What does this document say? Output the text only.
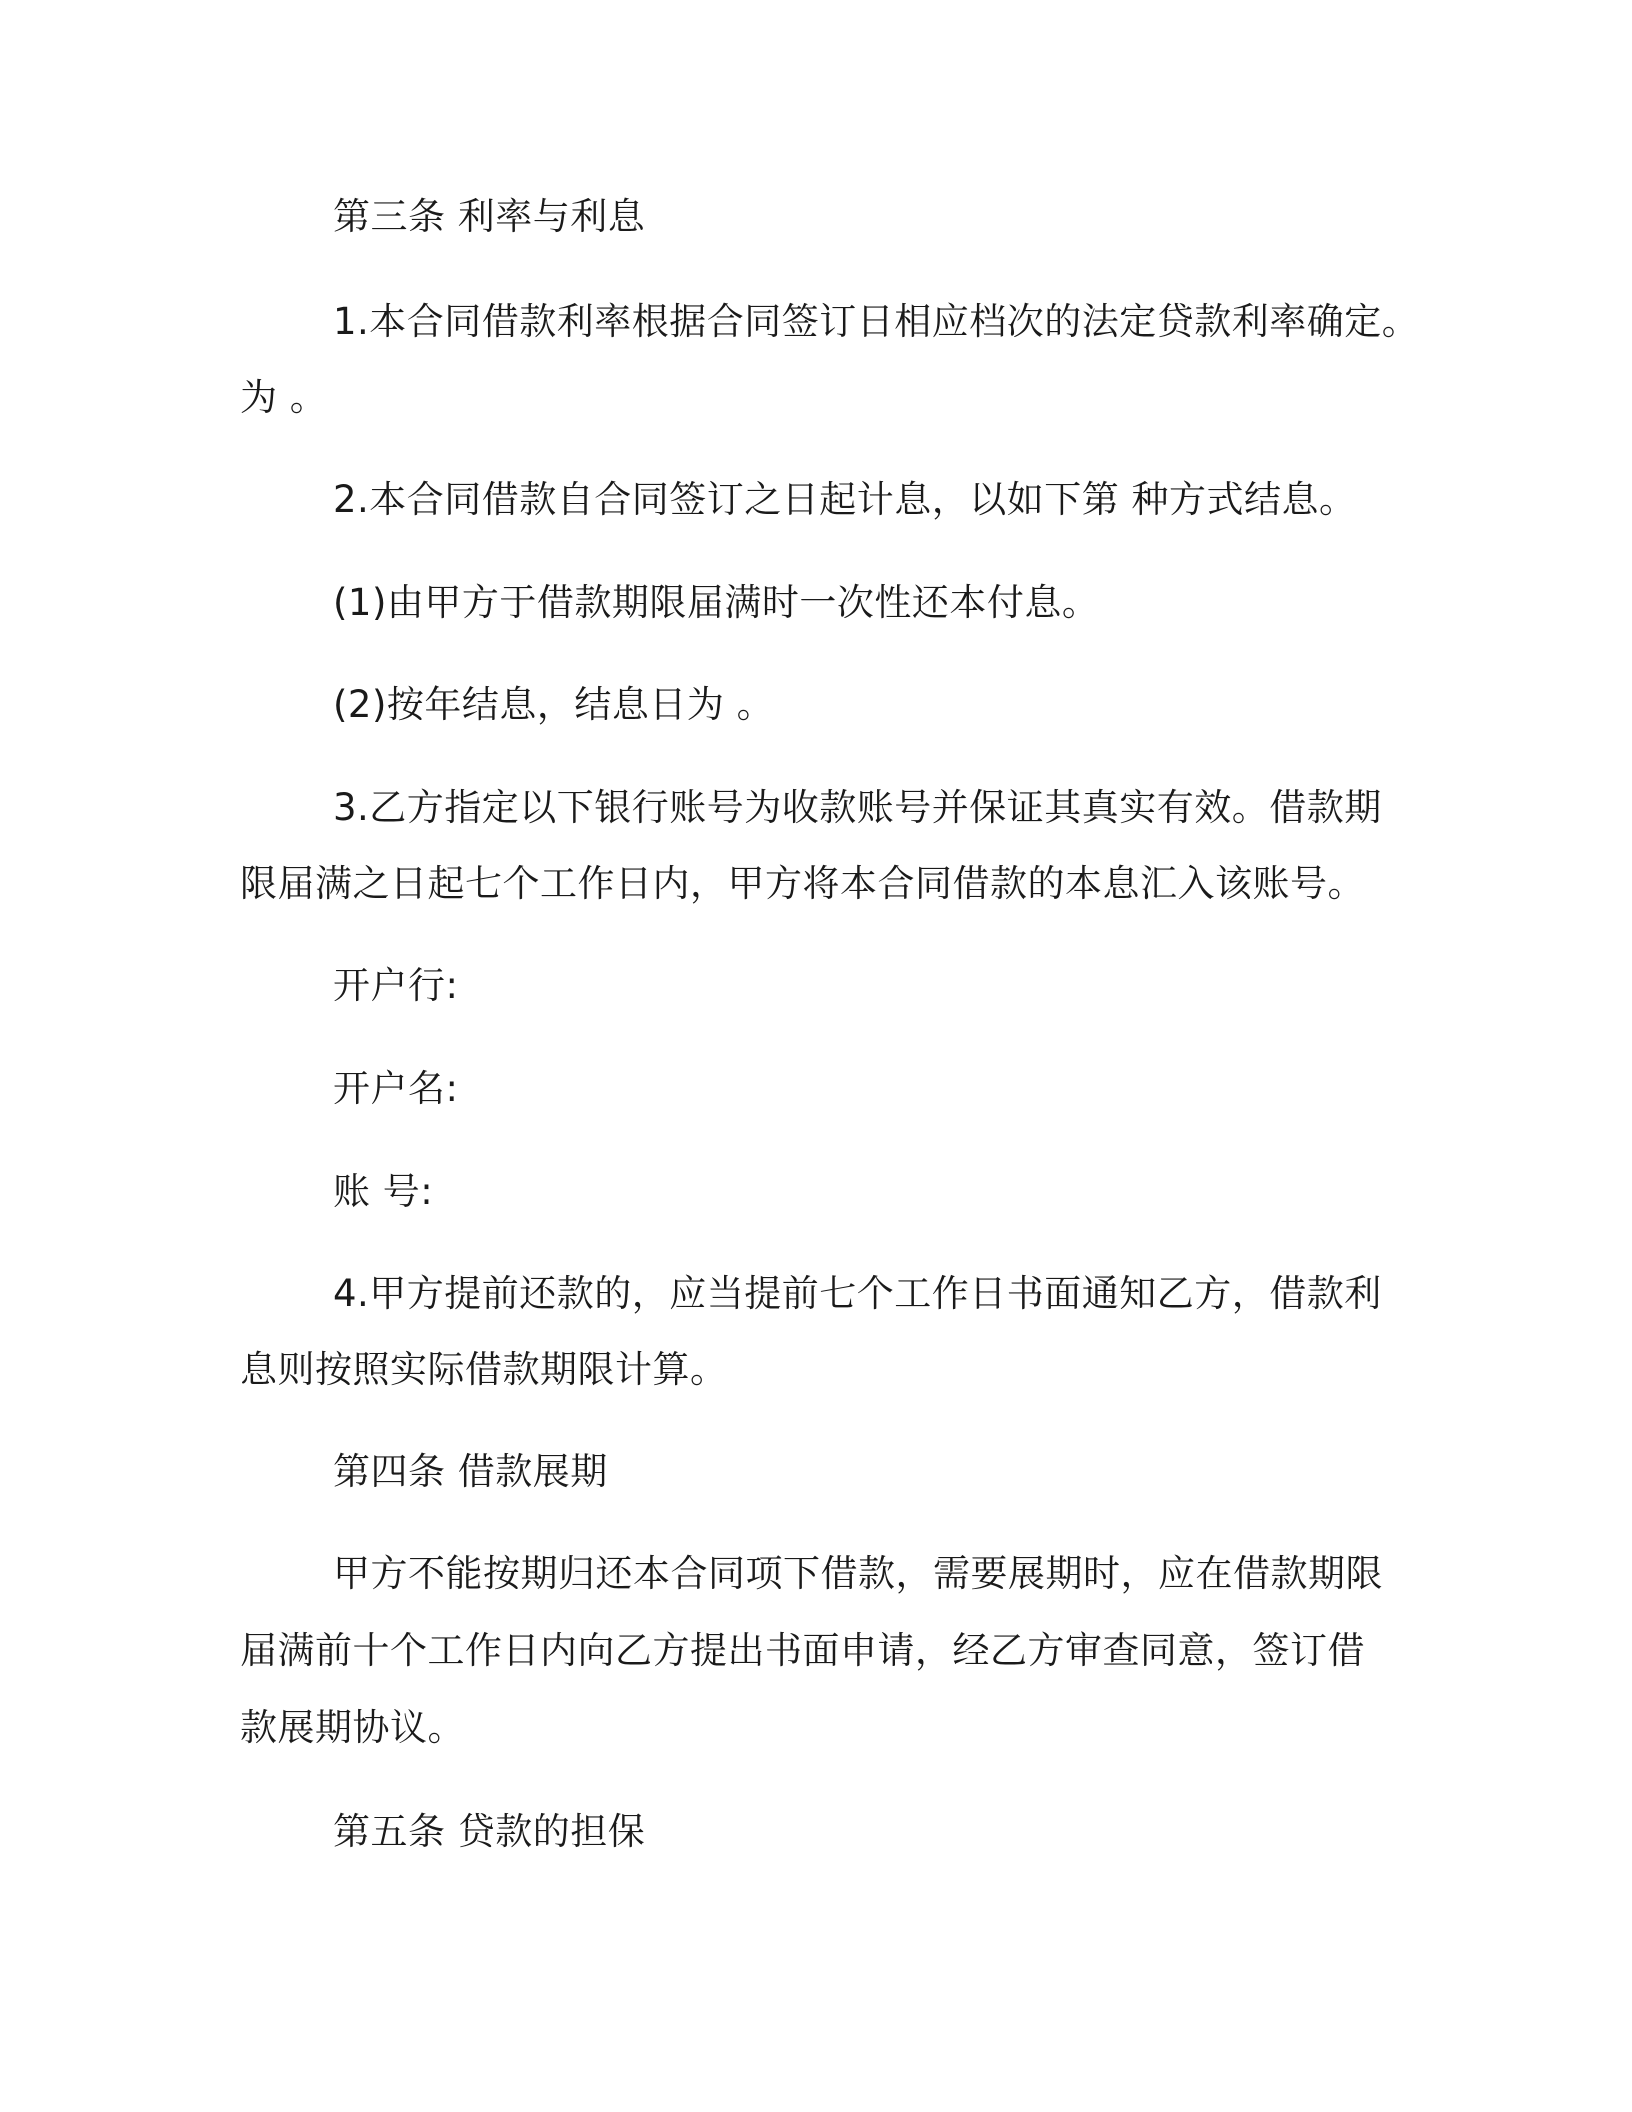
第三条 利率与利息

1.本合同借款利率根据合同签订日相应档次的法定贷款利率确定。

为 。

2.本合同借款自合同签订之日起计息，以如下第 种方式结息。

(1)由甲方于借款期限届满时一次性还本付息。

(2)按年结息，结息日为 。

3.乙方指定以下银行账号为收款账号并保证其真实有效。借款期

限届满之日起七个工作日内，甲方将本合同借款的本息汇入该账号。

开户行:

开户名:

账 号:

4.甲方提前还款的，应当提前七个工作日书面通知乙方，借款利

息则按照实际借款期限计算。

第四条 借款展期

甲方不能按期归还本合同项下借款，需要展期时，应在借款期限

届满前十个工作日内向乙方提出书面申请，经乙方审查同意，签订借

款展期协议。

第五条 贷款的担保
